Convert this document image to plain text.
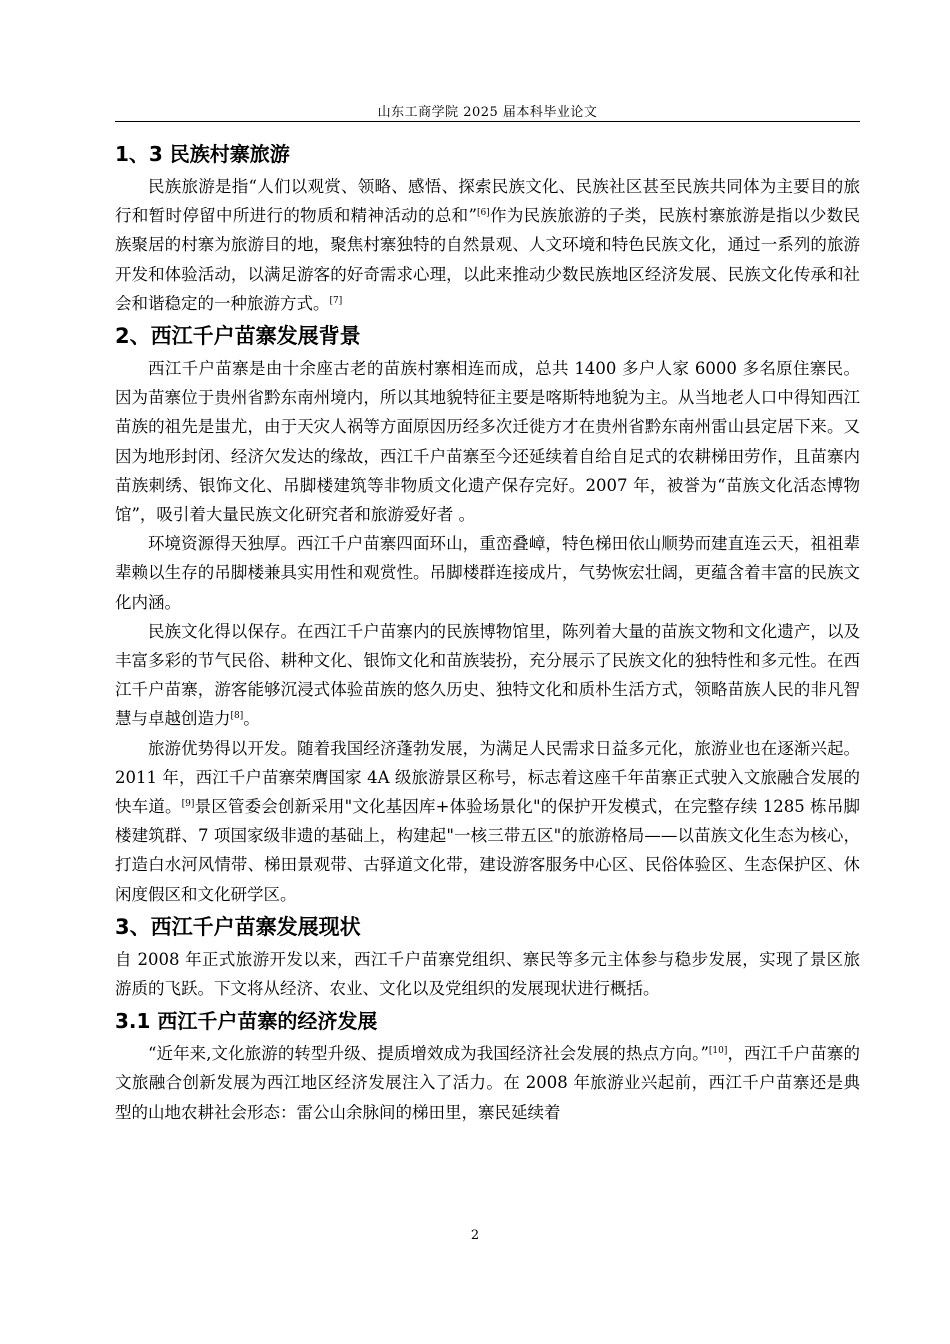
山东工商学院 2025 届本科毕业论文
1、3 民族村寨旅游

民族旅游是指“人们以观赏、领略、感悟、探索民族文化、民族社区甚至民族共同体为主要目的旅行和暂时停留中所进行的物质和精神活动的总和”[6]作为民族旅游的子类，民族村寨旅游是指以少数民族聚居的村寨为旅游目的地，聚焦村寨独特的自然景观、人文环境和特色民族文化，通过一系列的旅游开发和体验活动，以满足游客的好奇需求心理，以此来推动少数民族地区经济发展、民族文化传承和社会和谐稳定的一种旅游方式。[7]

2、西江千户苗寨发展背景

西江千户苗寨是由十余座古老的苗族村寨相连而成，总共 1400 多户人家 6000 多名原住寨民。因为苗寨位于贵州省黔东南州境内，所以其地貌特征主要是喀斯特地貌为主。从当地老人口中得知西江苗族的祖先是蚩尤，由于天灾人祸等方面原因历经多次迁徙方才在贵州省黔东南州雷山县定居下来。又因为地形封闭、经济欠发达的缘故，西江千户苗寨至今还延续着自给自足式的农耕梯田劳作，且苗寨内苗族刺绣、银饰文化、吊脚楼建筑等非物质文化遗产保存完好。2007 年，被誉为“苗族文化活态博物馆”，吸引着大量民族文化研究者和旅游爱好者 。

环境资源得天独厚。西江千户苗寨四面环山，重峦叠嶂，特色梯田依山顺势而建直连云天，祖祖辈辈赖以生存的吊脚楼兼具实用性和观赏性。吊脚楼群连接成片，气势恢宏壮阔，更蕴含着丰富的民族文化内涵。

民族文化得以保存。在西江千户苗寨内的民族博物馆里，陈列着大量的苗族文物和文化遗产，以及丰富多彩的节气民俗、耕种文化、银饰文化和苗族装扮，充分展示了民族文化的独特性和多元性。在西江千户苗寨，游客能够沉浸式体验苗族的悠久历史、独特文化和质朴生活方式，领略苗族人民的非凡智慧与卓越创造力[8]。

旅游优势得以开发。随着我国经济蓬勃发展，为满足人民需求日益多元化，旅游业也在逐渐兴起。2011 年，西江千户苗寨荣膺国家 4A 级旅游景区称号，标志着这座千年苗寨正式驶入文旅融合发展的快车道。[9]景区管委会创新采用"文化基因库+体验场景化"的保护开发模式，在完整存续 1285 栋吊脚楼建筑群、7 项国家级非遗的基础上，构建起"一核三带五区"的旅游格局——以苗族文化生态为核心，打造白水河风情带、梯田景观带、古驿道文化带，建设游客服务中心区、民俗体验区、生态保护区、休闲度假区和文化研学区。

3、西江千户苗寨发展现状

自 2008 年正式旅游开发以来，西江千户苗寨党组织、寨民等多元主体参与稳步发展，实现了景区旅游质的飞跃。下文将从经济、农业、文化以及党组织的发展现状进行概括。

3.1 西江千户苗寨的经济发展

“近年来,文化旅游的转型升级、提质增效成为我国经济社会发展的热点方向。”[10]，西江千户苗寨的文旅融合创新发展为西江地区经济发展注入了活力。在 2008 年旅游业兴起前，西江千户苗寨还是典型的山地农耕社会形态：雷公山余脉间的梯田里，寨民延续着

2
